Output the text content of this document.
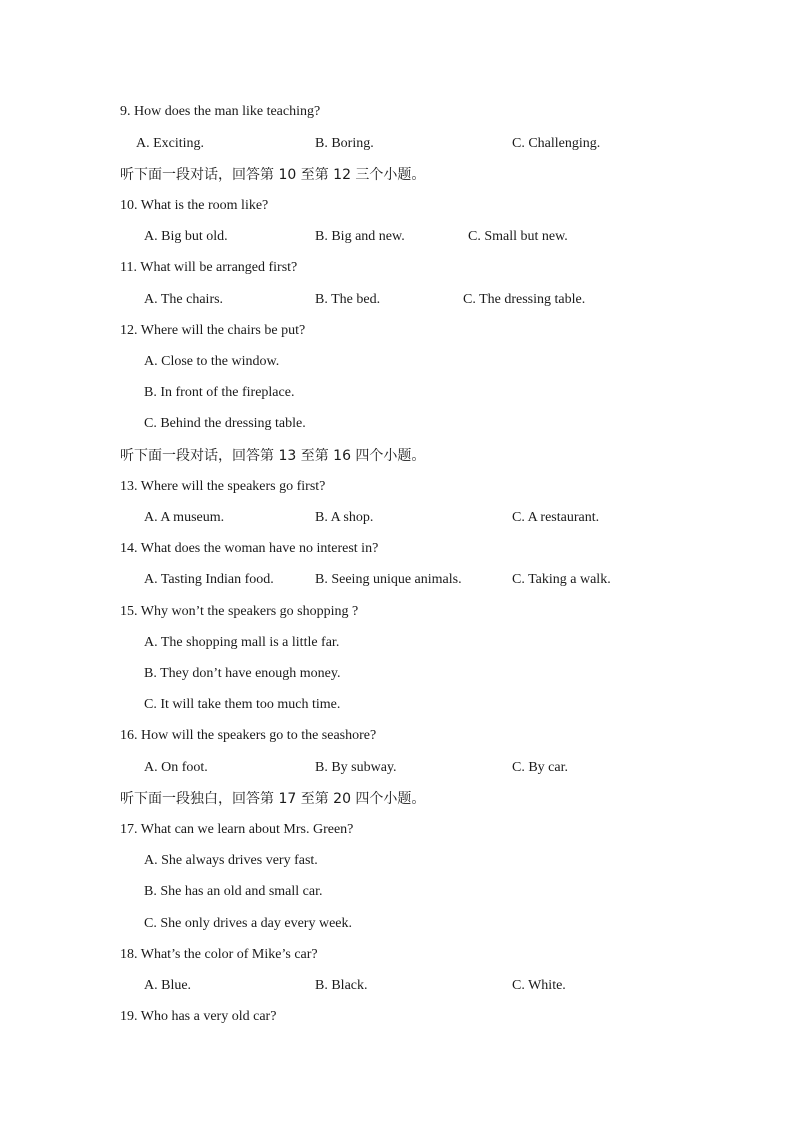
9. How does the man like teaching?
A. Exciting.	B. Boring.	C. Challenging.
听下面一段对话，回答第 10 至第 12 三个小题。
10. What is the room like?
A. Big but old.	B. Big and new.	C. Small but new.
11. What will be arranged first?
A. The chairs.	B. The bed.	C. The dressing table.
12. Where will the chairs be put?
A. Close to the window.
B. In front of the fireplace.
C. Behind the dressing table.
听下面一段对话，回答第 13 至第 16 四个小题。
13. Where will the speakers go first?
A. A museum.	B. A shop.	C. A restaurant.
14. What does the woman have no interest in?
A. Tasting Indian food.	B. Seeing unique animals.	C. Taking a walk.
15. Why won’t the speakers go shopping ?
A. The shopping mall is a little far.
B. They don’t have enough money.
C. It will take them too much time.
16. How will the speakers go to the seashore?
A. On foot.	B. By subway.	C. By car.
听下面一段独白，回答第 17 至第 20 四个小题。
17. What can we learn about Mrs. Green?
A. She always drives very fast.
B. She has an old and small car.
C. She only drives a day every week.
18. What’s the color of Mike’s car?
A. Blue.	B. Black.	C. White.
19. Who has a very old car?
